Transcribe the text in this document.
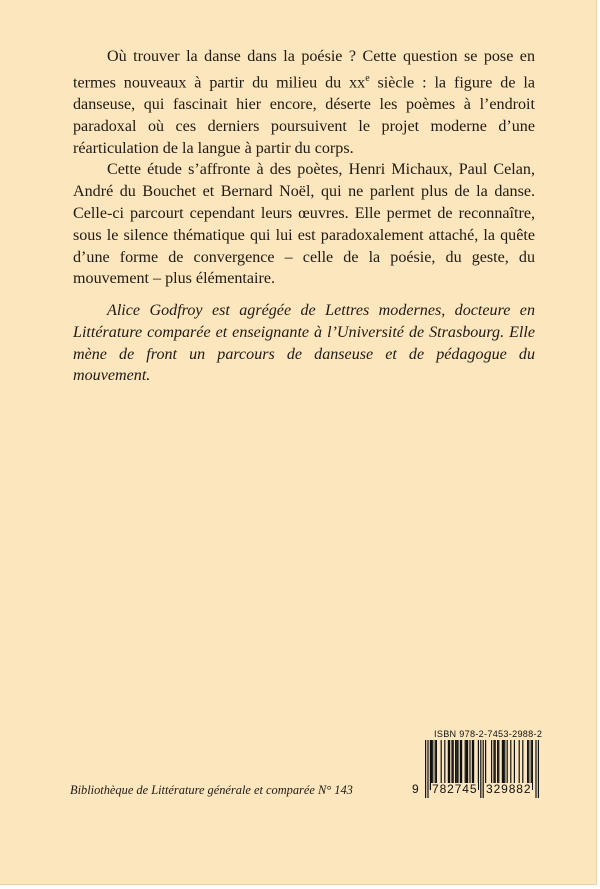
Où trouver la danse dans la poésie ? Cette question se pose en termes nouveaux à partir du milieu du $xx^e$ siècle : la figure de la danseuse, qui fascinait hier encore, déserte les poèmes à l’endroit paradoxal où ces derniers poursuivent le projet moderne d’une réarticulation de la langue à partir du corps.

Cette étude s’affronte à des poètes, Henri Michaux, Paul Celan, André du Bouchet et Bernard Noël, qui ne parlent plus de la danse. Celle-ci parcourt cependant leurs œuvres. Elle permet de reconnaître, sous le silence thématique qui lui est paradoxalement attaché, la quête d’une forme de convergence – celle de la poésie, du geste, du mouvement – plus élémentaire.

Alice Godfroy est agrégée de Lettres modernes, docteure en Littérature comparée et enseignante à l’Université de Strasbourg. Elle mène de front un parcours de danseuse et de pédagogue du mouvement.

Bibliothèque de Littérature générale et comparée N° 143
ISBN 978-2-7453-2988-2
9 782745 329882
